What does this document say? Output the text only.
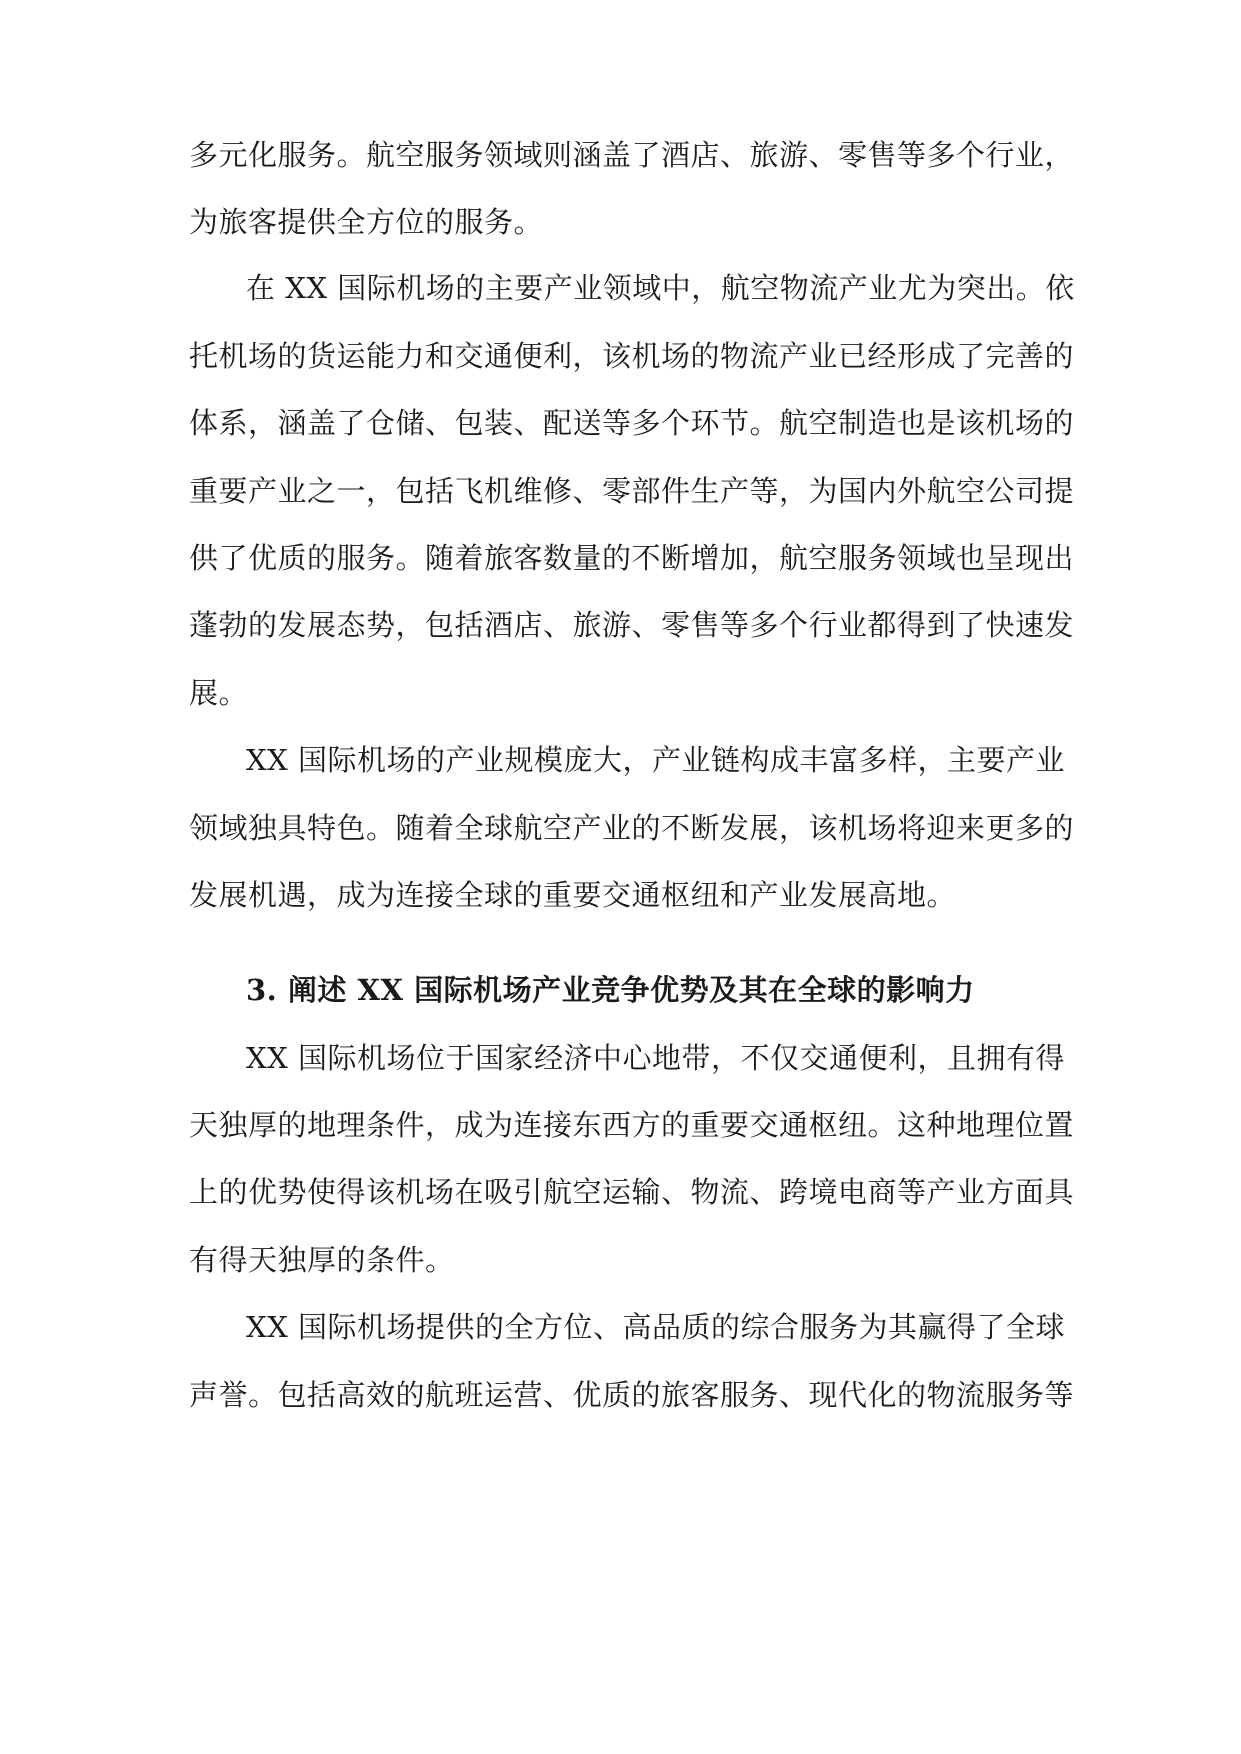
多元化服务。航空服务领域则涵盖了酒店、旅游、零售等多个行业，
为旅客提供全方位的服务。
在 XX 国际机场的主要产业领域中，航空物流产业尤为突出。依
托机场的货运能力和交通便利，该机场的物流产业已经形成了完善的
体系，涵盖了仓储、包装、配送等多个环节。航空制造也是该机场的
重要产业之一，包括飞机维修、零部件生产等，为国内外航空公司提
供了优质的服务。随着旅客数量的不断增加，航空服务领域也呈现出
蓬勃的发展态势，包括酒店、旅游、零售等多个行业都得到了快速发
展。
XX 国际机场的产业规模庞大，产业链构成丰富多样，主要产业
领域独具特色。随着全球航空产业的不断发展，该机场将迎来更多的
发展机遇，成为连接全球的重要交通枢纽和产业发展高地。
3. 阐述 XX 国际机场产业竞争优势及其在全球的影响力
XX 国际机场位于国家经济中心地带，不仅交通便利，且拥有得
天独厚的地理条件，成为连接东西方的重要交通枢纽。这种地理位置
上的优势使得该机场在吸引航空运输、物流、跨境电商等产业方面具
有得天独厚的条件。
XX 国际机场提供的全方位、高品质的综合服务为其赢得了全球
声誉。包括高效的航班运营、优质的旅客服务、现代化的物流服务等
